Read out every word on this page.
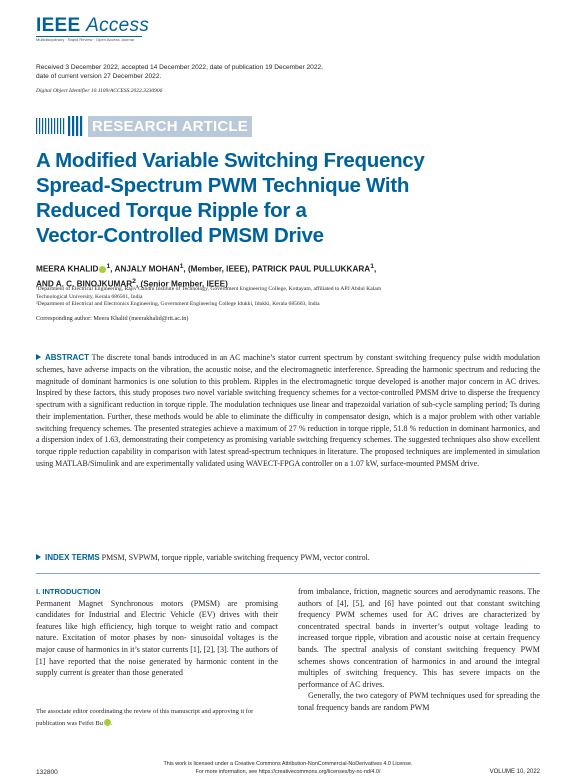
IEEE Access
Multidisciplinary · Rapid Review · Open Access Journal
Received 3 December 2022, accepted 14 December 2022, date of publication 19 December 2022,
date of current version 27 December 2022.
Digital Object Identifier 10.1109/ACCESS.2022.3230906
RESEARCH ARTICLE
A Modified Variable Switching Frequency
Spread-Spectrum PWM Technique With
Reduced Torque Ripple for a
Vector-Controlled PMSM Drive
MEERA KHALID $^1$, ANJALY MOHAN$^1$, (Member, IEEE), PATRICK PAUL PULLUKKARA$^1$,
AND A. C. BINOJKUMAR$^2$, (Senior Member, IEEE)
¹Department of Electrical Engineering, Rajiv Gandhi Institute of Technology, Government Engineering College, Kottayam, affiliated to APJ Abdul Kalam
Technological University, Kerala 686501, India
²Department of Electrical and Electronics Engineering, Government Engineering College Idukki, Idukki, Kerala 685603, India
Corresponding author: Meera Khalid (meerakhalid@rit.ac.in)
ABSTRACT The discrete tonal bands introduced in an AC machine’s stator current spectrum by constant switching frequency pulse width modulation schemes, have adverse impacts on the vibration, the acoustic noise, and the electromagnetic interference. Spreading the harmonic spectrum and reducing the magnitude of dominant harmonics is one solution to this problem. Ripples in the electromagnetic torque developed is another major concern in AC drives. Inspired by these factors, this study proposes two novel variable switching frequency schemes for a vector-controlled PMSM drive to disperse the frequency spectrum with a significant reduction in torque ripple. The modulation techniques use linear and trapezoidal variation of sub-cycle sampling period; Ts during their implementation. Further, these methods would be able to eliminate the difficulty in compensator design, which is a major problem with other variable switching frequency schemes. The presented strategies achieve a maximum of 27 % reduction in torque ripple, 51.8 % reduction in dominant harmonics, and a dispersion index of 1.63, demonstrating their competency as promising variable switching frequency schemes. The suggested techniques also show excellent torque ripple reduction capability in comparison with latest spread-spectrum techniques in literature. The proposed techniques are implemented in simulation using MATLAB/Simulink and are experimentally validated using WAVECT-FPGA controller on a 1.07 kW, surface-mounted PMSM drive.
INDEX TERMS PMSM, SVPWM, torque ripple, variable switching frequency PWM, vector control.
I. INTRODUCTION

Permanent Magnet Synchronous motors (PMSM) are promising candidates for Industrial and Electric Vehicle (EV) drives with their features like high efficiency, high torque to weight ratio and compact nature. Excitation of motor phases by non- sinusoidal voltages is the major cause of harmonics in it’s stator currents [1], [2], [3]. The authors of [1] have reported that the noise generated by harmonic content in the supply current is greater than those generated

from imbalance, friction, magnetic sources and aerodynamic reasons. The authors of [4], [5], and [6] have pointed out that constant switching frequency PWM schemes used for AC drives are characterized by concentrated spectral bands in inverter’s output voltage leading to increased torque ripple, vibration and acoustic noise at certain frequency bands. The spectral analysis of constant switching frequency PWM schemes shows concentration of harmonics in and around the integral multiples of switching frequency. This has severe impacts on the performance of AC drives.

Generally, the two category of PWM techniques used for spreading the tonal frequency bands are random PWM

The associate editor coordinating the review of this manuscript and approving it for publication was Feifei Bu .
This work is licensed under a Creative Commons Attribution-NonCommercial-NoDerivatives 4.0 License.
For more information, see https://creativecommons.org/licenses/by-nc-nd/4.0/
132800	VOLUME 10, 2022
